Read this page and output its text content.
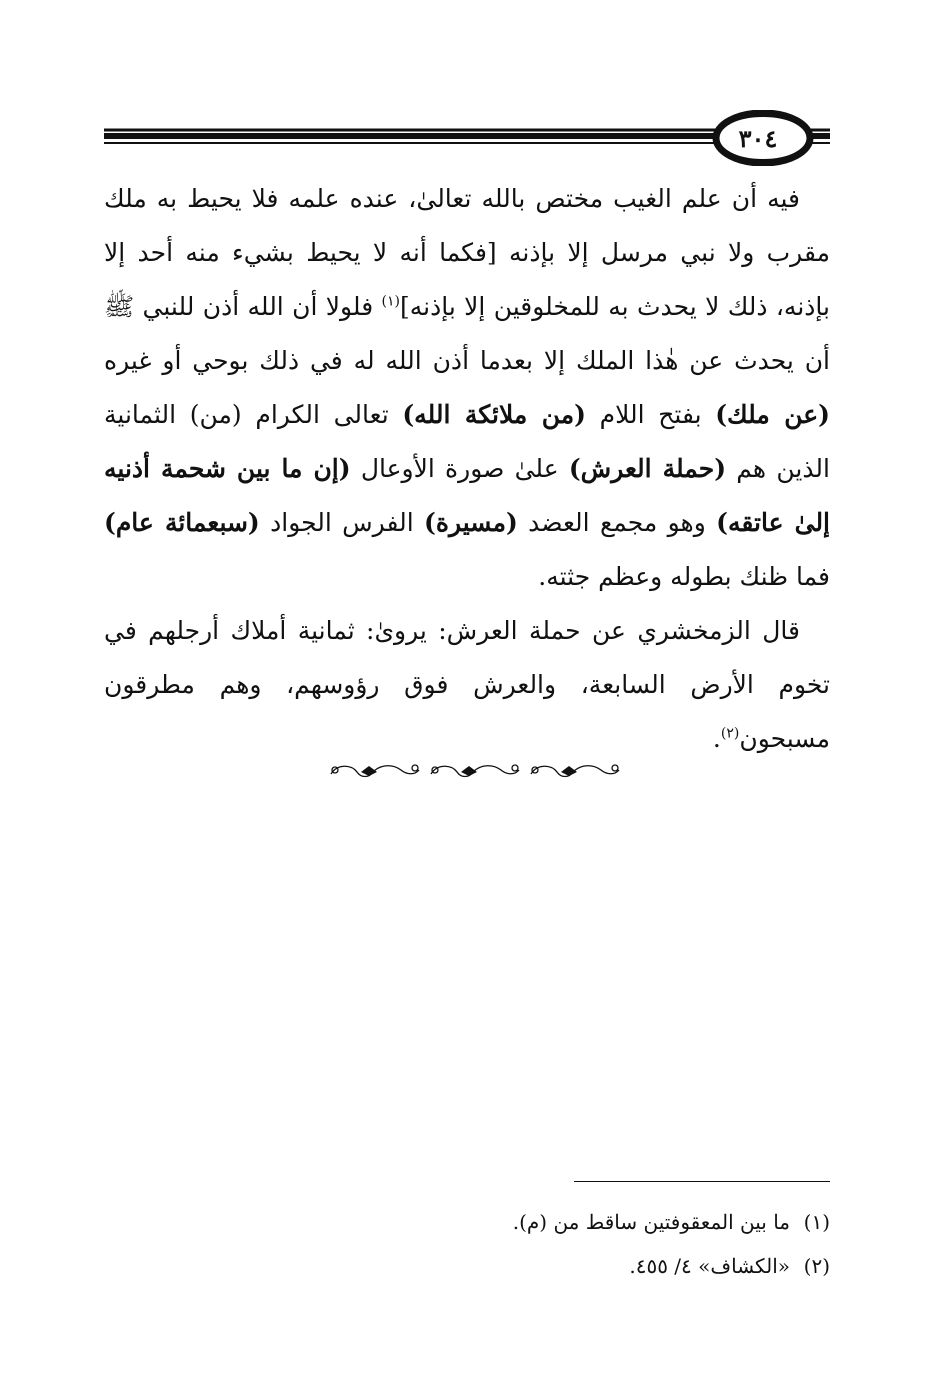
٣٠٤

فيه أن علم الغيب مختص بالله تعالىٰ، عنده علمه فلا يحيط به ملك مقرب ولا نبي مرسل إلا بإذنه [فكما أنه لا يحيط بشيء منه أحد إلا بإذنه، ذلك لا يحدث به للمخلوقين إلا بإذنه]$^{(١)}$ فلولا أن الله أذن للنبي ﷺ أن يحدث عن هٰذا الملك إلا بعدما أذن الله له في ذلك بوحي أو غيره (عن ملك) بفتح اللام (من ملائكة الله) تعالى الكرام (من) الثمانية الذين هم (حملة العرش) علىٰ صورة الأوعال (إن ما بين شحمة أذنيه إلىٰ عاتقه) وهو مجمع العضد (مسيرة) الفرس الجواد (سبعمائة عام) فما ظنك بطوله وعظم جثته.

قال الزمخشري عن حملة العرش: يروىٰ: ثمانية أملاك أرجلهم في تخوم الأرض السابعة، والعرش فوق رؤوسهم، وهم مطرقون مسبحون$^{(٢)}$.

(١)ما بين المعقوفتين ساقط من (م).

(٢)«الكشاف» ٤/ ٤٥٥.
